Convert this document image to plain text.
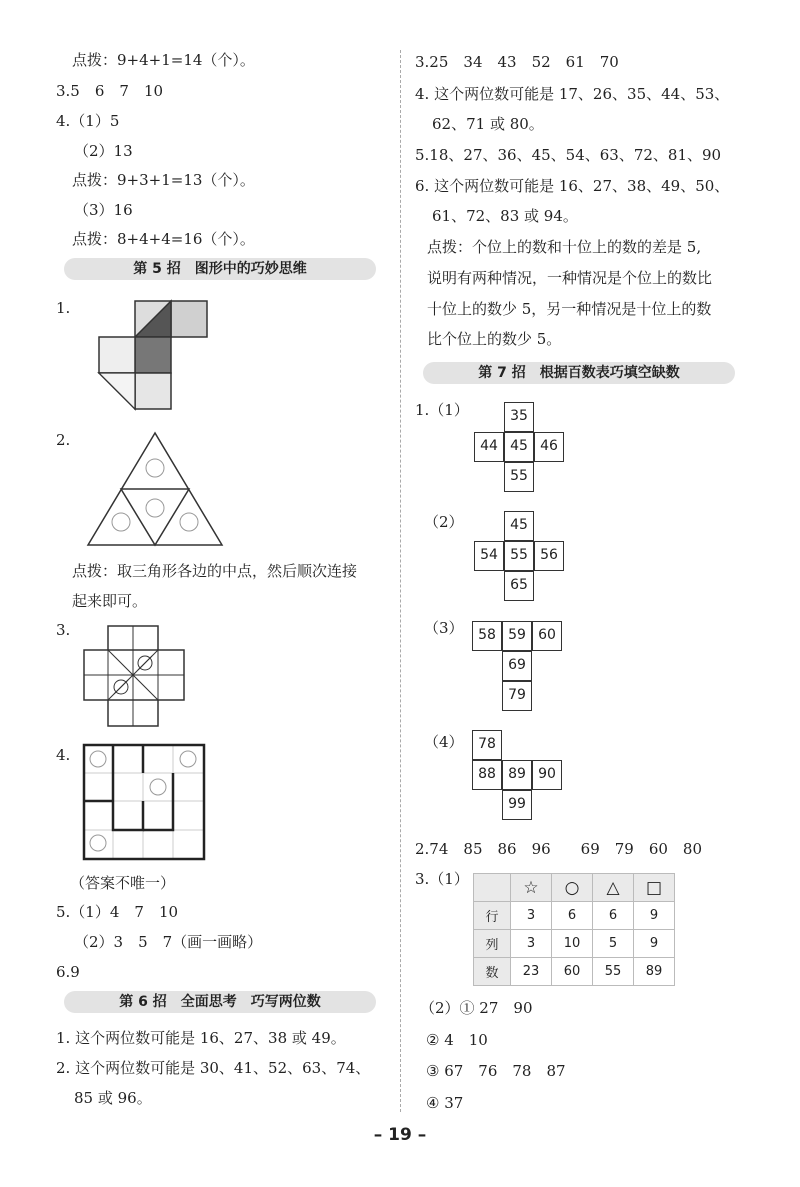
点拨：9+4+1=14（个）。
3.5　6　7　10
4.（1）5
（2）13
点拨：9+3+1=13（个）。
（3）16
点拨：8+4+4=16（个）。
第 5 招　图形中的巧妙思维
1.
2.
点拨：取三角形各边的中点，然后顺次连接
起来即可。
3.
4.
（答案不唯一）
5.（1）4　7　10
（2）3　5　7（画一画略）
6.9
第 6 招　全面思考　巧写两位数
1. 这个两位数可能是 16、27、38 或 49。
2. 这个两位数可能是 30、41、52、63、74、
85 或 96。
3.25　34　43　52　61　70
4. 这个两位数可能是 17、26、35、44、53、
62、71 或 80。
5.18、27、36、45、54、63、72、81、90
6. 这个两位数可能是 16、27、38、49、50、
61、72、83 或 94。
点拨：个位上的数和十位上的数的差是 5,
说明有两种情况，一种情况是个位上的数比
十位上的数少 5，另一种情况是十位上的数
比个位上的数少 5。
第 7 招　根据百数表巧填空缺数
1.（1）	35
44 45 46
55
（2）	45
54 55 56
65
（3）	58 59 60
69
79
（4）	78
88 89 90
99
2.74　85　86　96　　69　79　60　80
3.（1）
		☆	○	△	□
行	3	6	6	9
列	3	10	5	9
数	23	60	55	89
（2）① 27　90
② 4　10
③ 67　76　78　87
④ 37
– 19 –
